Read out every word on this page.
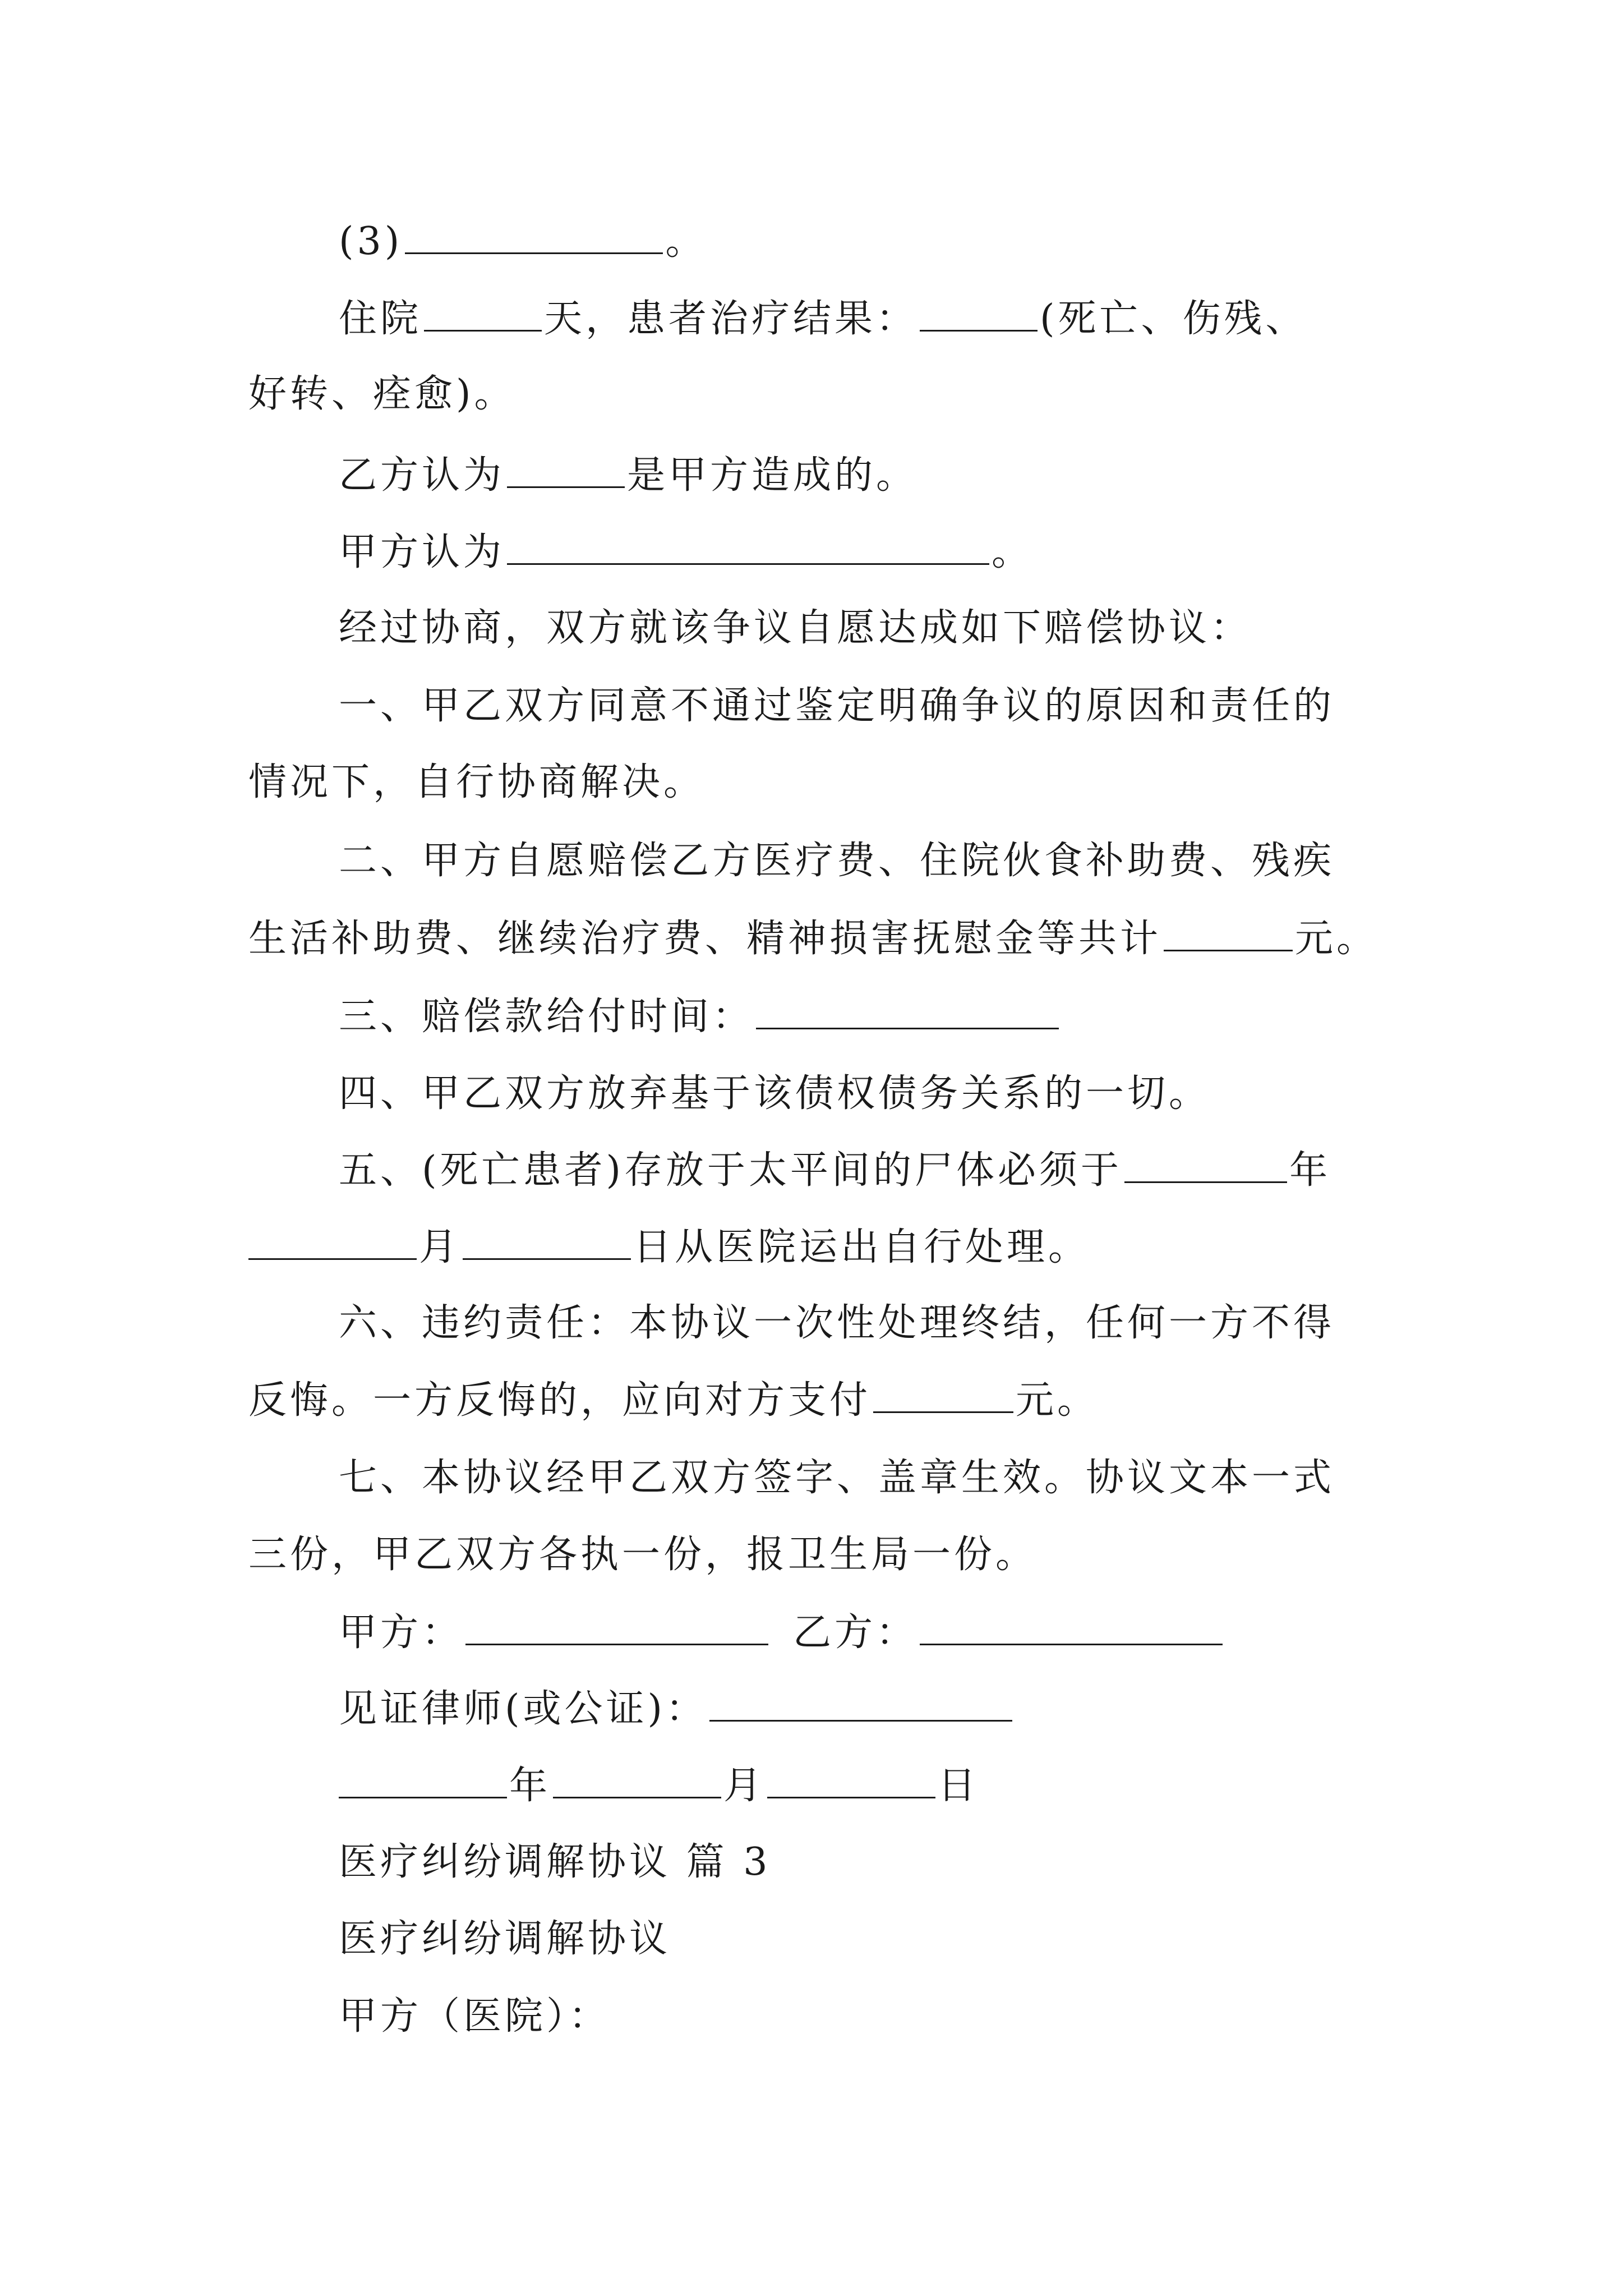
(3)	。
住院	天，患者治疗结果：	(死亡、伤残、
好转、痊愈)。
乙方认为	是甲方造成的。
甲方认为	。
经过协商，双方就该争议自愿达成如下赔偿协议：
一、甲乙双方同意不通过鉴定明确争议的原因和责任的
情况下，自行协商解决。
二、甲方自愿赔偿乙方医疗费、住院伙食补助费、残疾
生活补助费、继续治疗费、精神损害抚慰金等共计	元。
三、赔偿款给付时间：
四、甲乙双方放弃基于该债权债务关系的一切。
五、(死亡患者)存放于太平间的尸体必须于	年
月	日从医院运出自行处理。
六、违约责任：本协议一次性处理终结，任何一方不得
反悔。一方反悔的，应向对方支付	元。
七、本协议经甲乙双方签字、盖章生效。协议文本一式
三份，甲乙双方各执一份，报卫生局一份。
甲方：	乙方：
见证律师(或公证)：
年	月	日
医疗纠纷调解协议 篇 3
医疗纠纷调解协议
甲方（医院）：
